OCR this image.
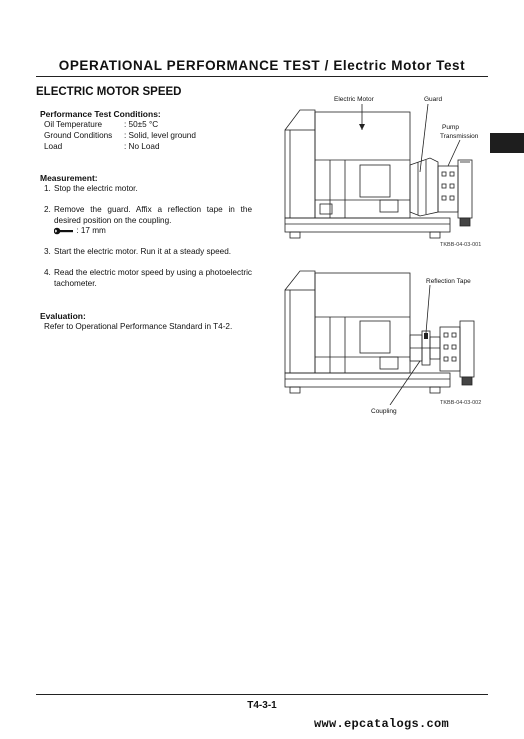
OPERATIONAL PERFORMANCE TEST / Electric Motor Test
ELECTRIC MOTOR SPEED
Performance Test Conditions:
Oil Temperature	: 50±5 °C
Ground Conditions : Solid, level ground
Load	: No Load
Measurement:
1. Stop the electric motor.
2. Remove the guard. Affix a reflection tape in the desired position on the coupling.
: 17 mm
3. Start the electric motor. Run it at a steady speed.
4. Read the electric motor speed by using a photoelectric tachometer.
Evaluation:
Refer to Operational Performance Standard in T4-2.
Electric Motor	Guard
Pump
Transmission
TKBB-04-03-001
Reflection Tape
Coupling
TKBB-04-03-002
T4-3-1
www.epcatalogs.com
